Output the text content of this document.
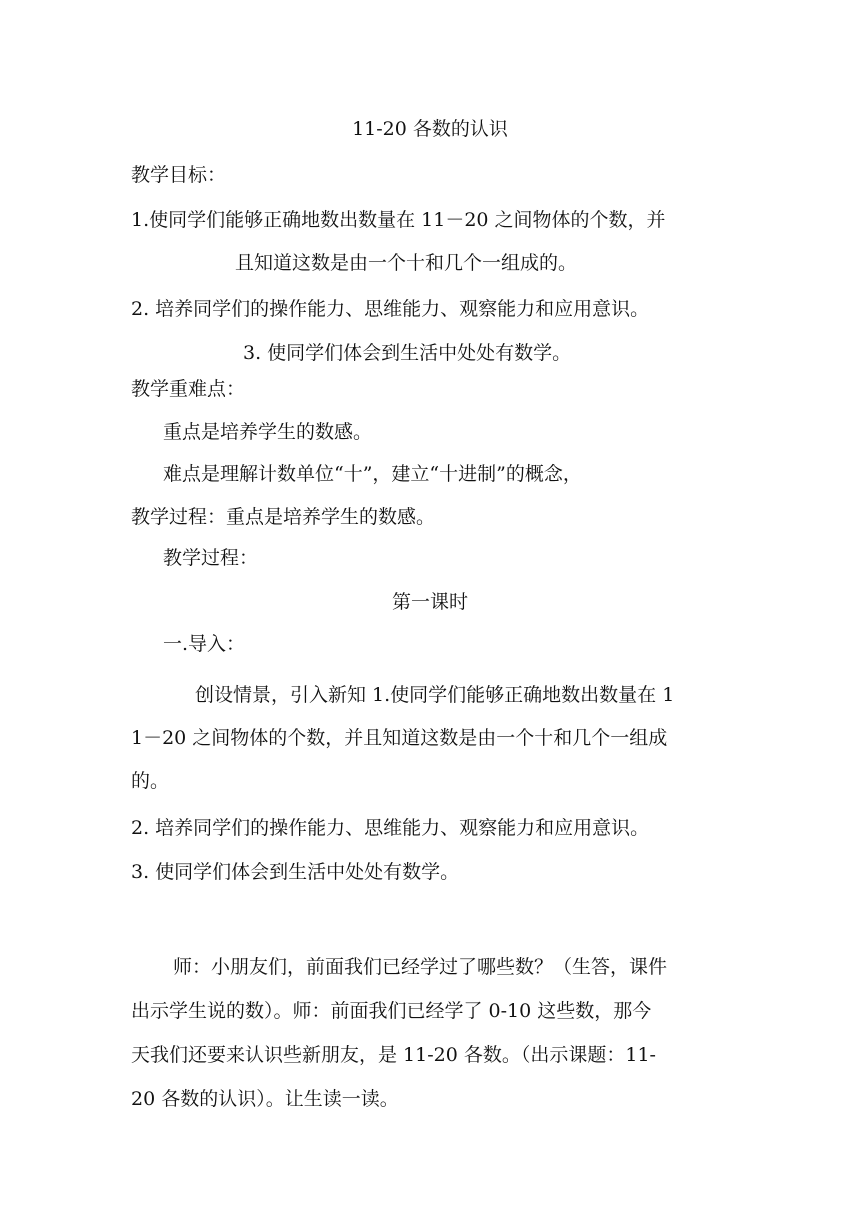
11-20 各数的认识
教学目标：
1.使同学们能够正确地数出数量在 11－20 之间物体的个数，并
且知道这数是由一个十和几个一组成的。
2. 培养同学们的操作能力、思维能力、观察能力和应用意识。
3. 使同学们体会到生活中处处有数学。
教学重难点：
重点是培养学生的数感。
难点是理解计数单位“十”，建立“十进制”的概念，
教学过程：重点是培养学生的数感。
教学过程：
第一课时
一.导入：
创设情景，引入新知 1.使同学们能够正确地数出数量在 1
1－20 之间物体的个数，并且知道这数是由一个十和几个一组成
的。
2. 培养同学们的操作能力、思维能力、观察能力和应用意识。
3. 使同学们体会到生活中处处有数学。
师：小朋友们，前面我们已经学过了哪些数？（生答，课件
出示学生说的数）。师：前面我们已经学了 0-10 这些数，那今
天我们还要来认识些新朋友，是 11-20 各数。（出示课题：11-
20 各数的认识）。让生读一读。
